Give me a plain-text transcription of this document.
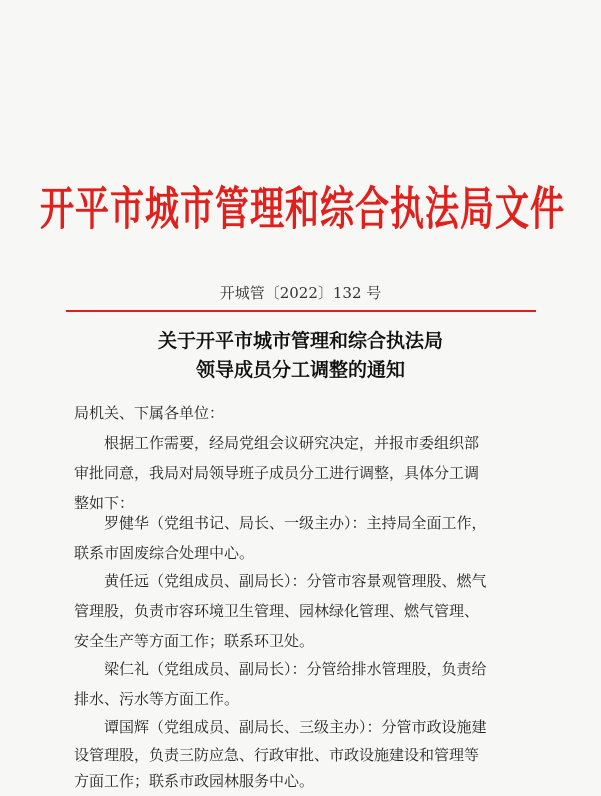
开平市城市管理和综合执法局文件
开城管〔2022〕132 号
关于开平市城市管理和综合执法局
领导成员分工调整的通知
局机关、下属各单位：
　　根据工作需要，经局党组会议研究决定，并报市委组织部
审批同意，我局对局领导班子成员分工进行调整，具体分工调
整如下：
　　罗健华（党组书记、局长、一级主办）：主持局全面工作，
联系市固废综合处理中心。
　　黄任远（党组成员、副局长）：分管市容景观管理股、燃气
管理股，负责市容环境卫生管理、园林绿化管理、燃气管理、
安全生产等方面工作；联系环卫处。
　　梁仁礼（党组成员、副局长）：分管给排水管理股，负责给
排水、污水等方面工作。
　　谭国辉（党组成员、副局长、三级主办）：分管市政设施建
设管理股，负责三防应急、行政审批、市政设施建设和管理等
方面工作；联系市政园林服务中心。
